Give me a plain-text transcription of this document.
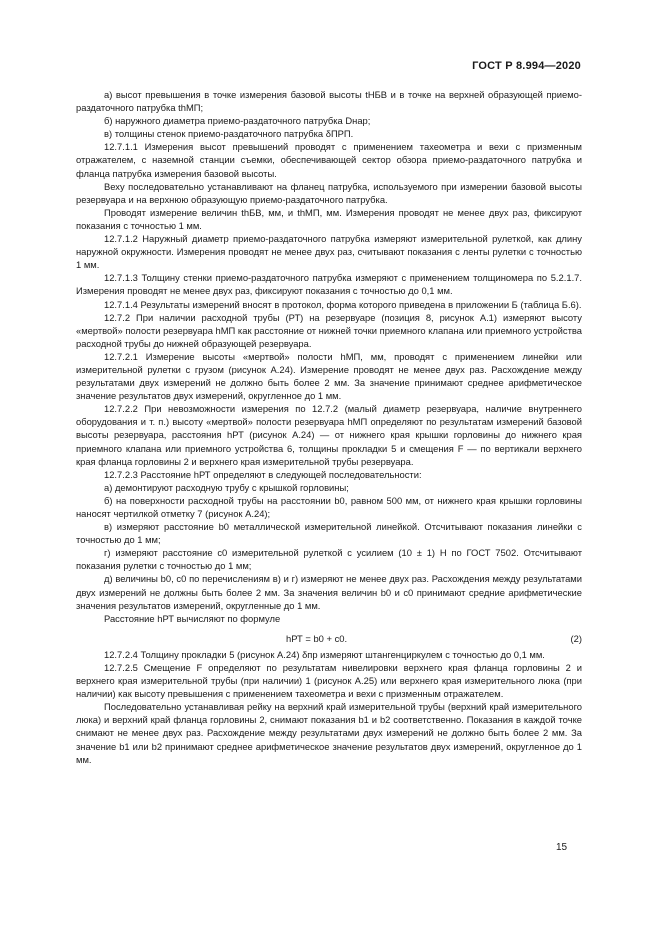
ГОСТ Р 8.994—2020

а) высот превышения в точке измерения базовой высоты tHБВ и в точке на верхней образующей приемо-раздаточного патрубка thМП;

б) наружного диаметра приемо-раздаточного патрубка Dнар;

в) толщины стенок приемо-раздаточного патрубка δПРП.

12.7.1.1 Измерения высот превышений проводят с применением тахеометра и вехи с призменным отражателем, с наземной станции съемки, обеспечивающей сектор обзора приемо-раздаточного патрубка и фланца патрубка измерения базовой высоты.

Веху последовательно устанавливают на фланец патрубка, используемого при измерении базовой высоты резервуара и на верхнюю образующую приемо-раздаточного патрубка.

Проводят измерение величин thБВ, мм, и thМП, мм. Измерения проводят не менее двух раз, фиксируют показания с точностью 1 мм.

12.7.1.2 Наружный диаметр приемо-раздаточного патрубка измеряют измерительной рулеткой, как длину наружной окружности. Измерения проводят не менее двух раз, считывают показания с ленты рулетки с точностью 1 мм.

12.7.1.3 Толщину стенки приемо-раздаточного патрубка измеряют с применением толщиномера по 5.2.1.7. Измерения проводят не менее двух раз, фиксируют показания с точностью до 0,1 мм.

12.7.1.4 Результаты измерений вносят в протокол, форма которого приведена в приложении Б (таблица Б.6).

12.7.2 При наличии расходной трубы (РТ) на резервуаре (позиция 8, рисунок А.1) измеряют высоту «мертвой» полости резервуара hМП как расстояние от нижней точки приемного клапана или приемного устройства расходной трубы до нижней образующей резервуара.

12.7.2.1 Измерение высоты «мертвой» полости hМП, мм, проводят с применением линейки или измерительной рулетки с грузом (рисунок А.24). Измерение проводят не менее двух раз. Расхождение между результатами двух измерений не должно быть более 2 мм. За значение принимают среднее арифметическое значение результатов двух измерений, округленное до 1 мм.

12.7.2.2 При невозможности измерения по 12.7.2 (малый диаметр резервуара, наличие внутреннего оборудования и т. п.) высоту «мертвой» полости резервуара hМП определяют по результатам измерений базовой высоты резервуара, расстояния hРТ (рисунок А.24) — от нижнего края крышки горловины до нижнего края приемного клапана или приемного устройства 6, толщины прокладки 5 и смещения F — по вертикали верхнего края фланца горловины 2 и верхнего края измерительной трубы резервуара.

12.7.2.3 Расстояние hРТ определяют в следующей последовательности:

а) демонтируют расходную трубу с крышкой горловины;

б) на поверхности расходной трубы на расстоянии b0, равном 500 мм, от нижнего края крышки горловины наносят чертилкой отметку 7 (рисунок А.24);

в) измеряют расстояние b0 металлической измерительной линейкой. Отсчитывают показания линейки с точностью до 1 мм;

г) измеряют расстояние c0 измерительной рулеткой с усилием (10 ± 1) Н по ГОСТ 7502. Отсчитывают показания рулетки с точностью до 1 мм;

д) величины b0, c0 по перечислениям в) и г) измеряют не менее двух раз. Расхождения между результатами двух измерений не должны быть более 2 мм. За значения величин b0 и c0 принимают средние арифметические значения результатов измерений, округленные до 1 мм.

Расстояние hРТ вычисляют по формуле

hРТ = b0 + c0.	(2)

12.7.2.4 Толщину прокладки 5 (рисунок А.24) δпр измеряют штангенциркулем с точностью до 0,1 мм.

12.7.2.5 Смещение F определяют по результатам нивелировки верхнего края фланца горловины 2 и верхнего края измерительной трубы (при наличии) 1 (рисунок А.25) или верхнего края измерительного люка (при наличии) как высоту превышения с применением тахеометра и вехи с призменным отражателем.

Последовательно устанавливая рейку на верхний край измерительной трубы (верхний край измерительного люка) и верхний край фланца горловины 2, снимают показания b1 и b2 соответственно. Показания в каждой точке снимают не менее двух раз. Расхождение между результатами двух измерений не должно быть более 2 мм. За значение b1 или b2 принимают среднее арифметическое значение результатов двух измерений, округленное до 1 мм.

15
